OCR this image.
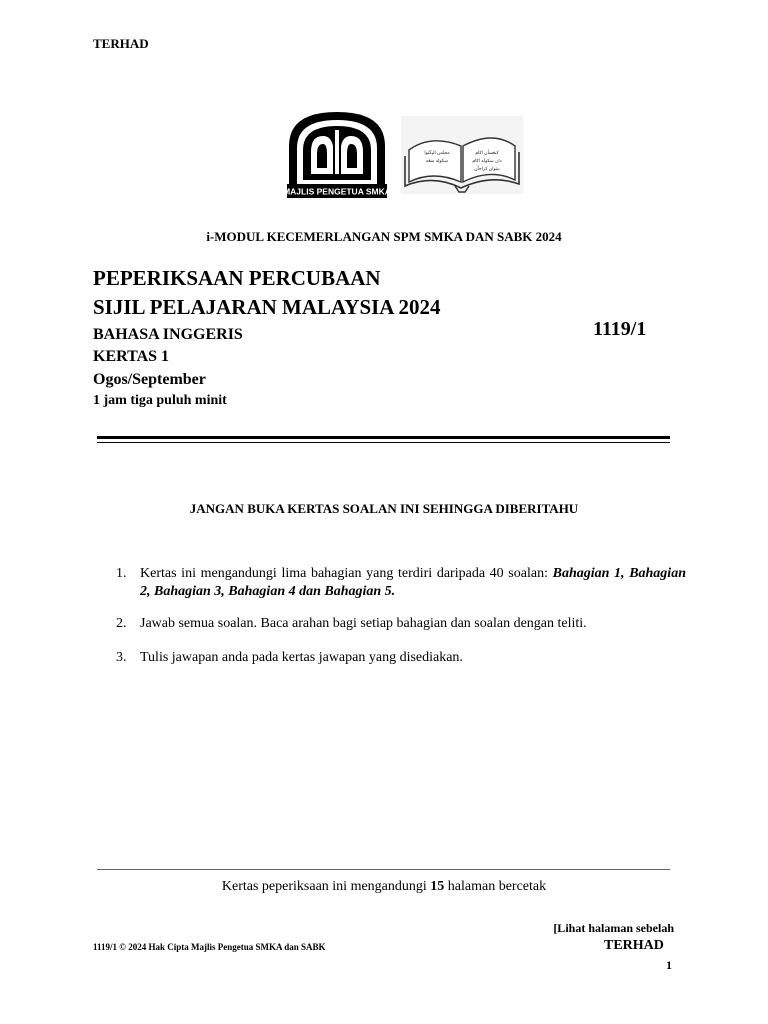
TERHAD
MAJLIS PENGETUA SMKA
مجلس الپگتوا
سکوله منڠه
كبڠسأن اڬام
دان سکوله اڬام
بنتوان كراجأن
i-MODUL KECEMERLANGAN SPM SMKA DAN SABK 2024
PEPERIKSAAN PERCUBAAN
SIJIL PELAJARAN MALAYSIA 2024
BAHASA INGGERIS
KERTAS 1
Ogos/September
1 jam tiga puluh minit
1119/1
JANGAN BUKA KERTAS SOALAN INI SEHINGGA DIBERITAHU
1. Kertas ini mengandungi lima bahagian yang terdiri daripada 40 soalan: Bahagian 1, Bahagian 2, Bahagian 3, Bahagian 4 dan Bahagian 5.
2. Jawab semua soalan. Baca arahan bagi setiap bahagian dan soalan dengan teliti.
3. Tulis jawapan anda pada kertas jawapan yang disediakan.
Kertas peperiksaan ini mengandungi 15 halaman bercetak
[Lihat halaman sebelah
1119/1 © 2024 Hak Cipta Majlis Pengetua SMKA dan SABK	TERHAD
1
